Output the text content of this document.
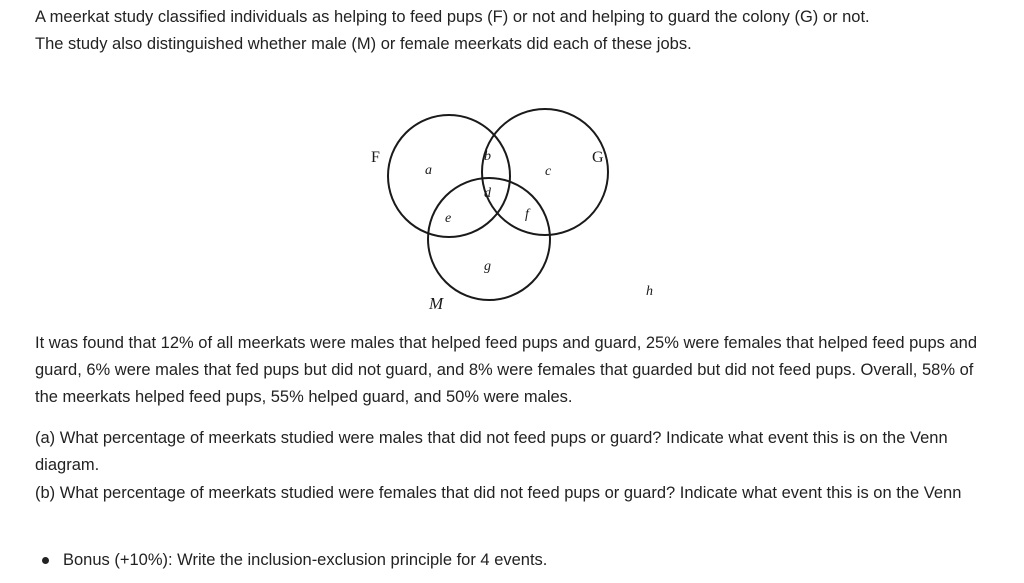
A meerkat study classified individuals as helping to feed pups (F) or not and helping to guard the colony (G) or not.
The study also distinguished whether male (M) or female meerkats did each of these jobs.

F	G
M
a
b
c
d
e	f
g
h

It was found that 12% of all meerkats were males that helped feed pups and guard, 25% were females that helped feed pups and guard, 6% were males that fed pups but did not guard, and 8% were females that guarded but did not feed pups. Overall, 58% of the meerkats helped feed pups, 55% helped guard, and 50% were males.

(a) What percentage of meerkats studied were males that did not feed pups or guard? Indicate what event this is on the Venn diagram.

(b) What percentage of meerkats studied were females that did not feed pups or guard? Indicate what event this is on the Venn

Bonus (+10%): Write the inclusion-exclusion principle for 4 events.
